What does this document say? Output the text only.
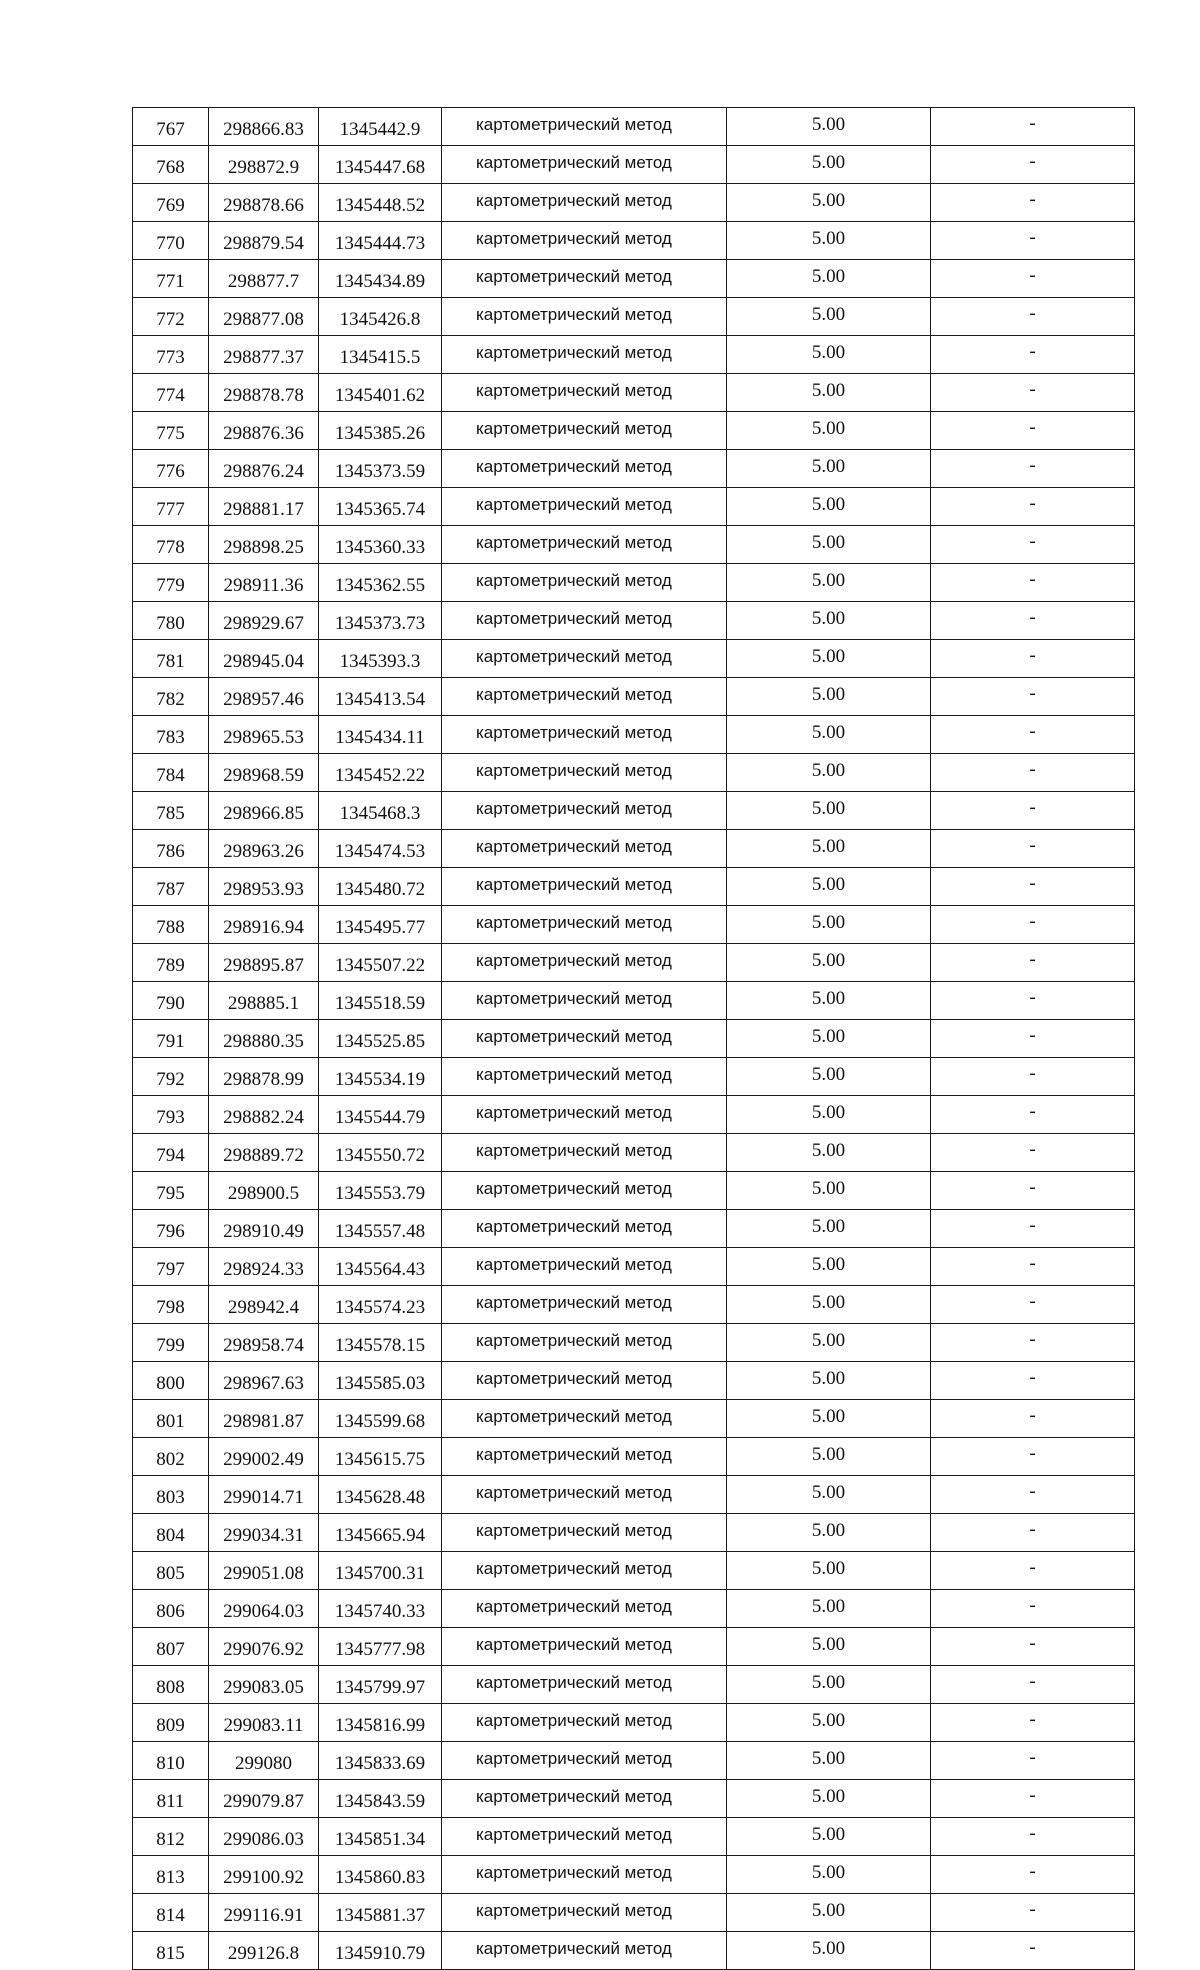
767	298866.83	1345442.9	картометрический метод	5.00	-
768	298872.9	1345447.68	картометрический метод	5.00	-
769	298878.66	1345448.52	картометрический метод	5.00	-
770	298879.54	1345444.73	картометрический метод	5.00	-
771	298877.7	1345434.89	картометрический метод	5.00	-
772	298877.08	1345426.8	картометрический метод	5.00	-
773	298877.37	1345415.5	картометрический метод	5.00	-
774	298878.78	1345401.62	картометрический метод	5.00	-
775	298876.36	1345385.26	картометрический метод	5.00	-
776	298876.24	1345373.59	картометрический метод	5.00	-
777	298881.17	1345365.74	картометрический метод	5.00	-
778	298898.25	1345360.33	картометрический метод	5.00	-
779	298911.36	1345362.55	картометрический метод	5.00	-
780	298929.67	1345373.73	картометрический метод	5.00	-
781	298945.04	1345393.3	картометрический метод	5.00	-
782	298957.46	1345413.54	картометрический метод	5.00	-
783	298965.53	1345434.11	картометрический метод	5.00	-
784	298968.59	1345452.22	картометрический метод	5.00	-
785	298966.85	1345468.3	картометрический метод	5.00	-
786	298963.26	1345474.53	картометрический метод	5.00	-
787	298953.93	1345480.72	картометрический метод	5.00	-
788	298916.94	1345495.77	картометрический метод	5.00	-
789	298895.87	1345507.22	картометрический метод	5.00	-
790	298885.1	1345518.59	картометрический метод	5.00	-
791	298880.35	1345525.85	картометрический метод	5.00	-
792	298878.99	1345534.19	картометрический метод	5.00	-
793	298882.24	1345544.79	картометрический метод	5.00	-
794	298889.72	1345550.72	картометрический метод	5.00	-
795	298900.5	1345553.79	картометрический метод	5.00	-
796	298910.49	1345557.48	картометрический метод	5.00	-
797	298924.33	1345564.43	картометрический метод	5.00	-
798	298942.4	1345574.23	картометрический метод	5.00	-
799	298958.74	1345578.15	картометрический метод	5.00	-
800	298967.63	1345585.03	картометрический метод	5.00	-
801	298981.87	1345599.68	картометрический метод	5.00	-
802	299002.49	1345615.75	картометрический метод	5.00	-
803	299014.71	1345628.48	картометрический метод	5.00	-
804	299034.31	1345665.94	картометрический метод	5.00	-
805	299051.08	1345700.31	картометрический метод	5.00	-
806	299064.03	1345740.33	картометрический метод	5.00	-
807	299076.92	1345777.98	картометрический метод	5.00	-
808	299083.05	1345799.97	картометрический метод	5.00	-
809	299083.11	1345816.99	картометрический метод	5.00	-
810	299080	1345833.69	картометрический метод	5.00	-
811	299079.87	1345843.59	картометрический метод	5.00	-
812	299086.03	1345851.34	картометрический метод	5.00	-
813	299100.92	1345860.83	картометрический метод	5.00	-
814	299116.91	1345881.37	картометрический метод	5.00	-
815	299126.8	1345910.79	картометрический метод	5.00	-
